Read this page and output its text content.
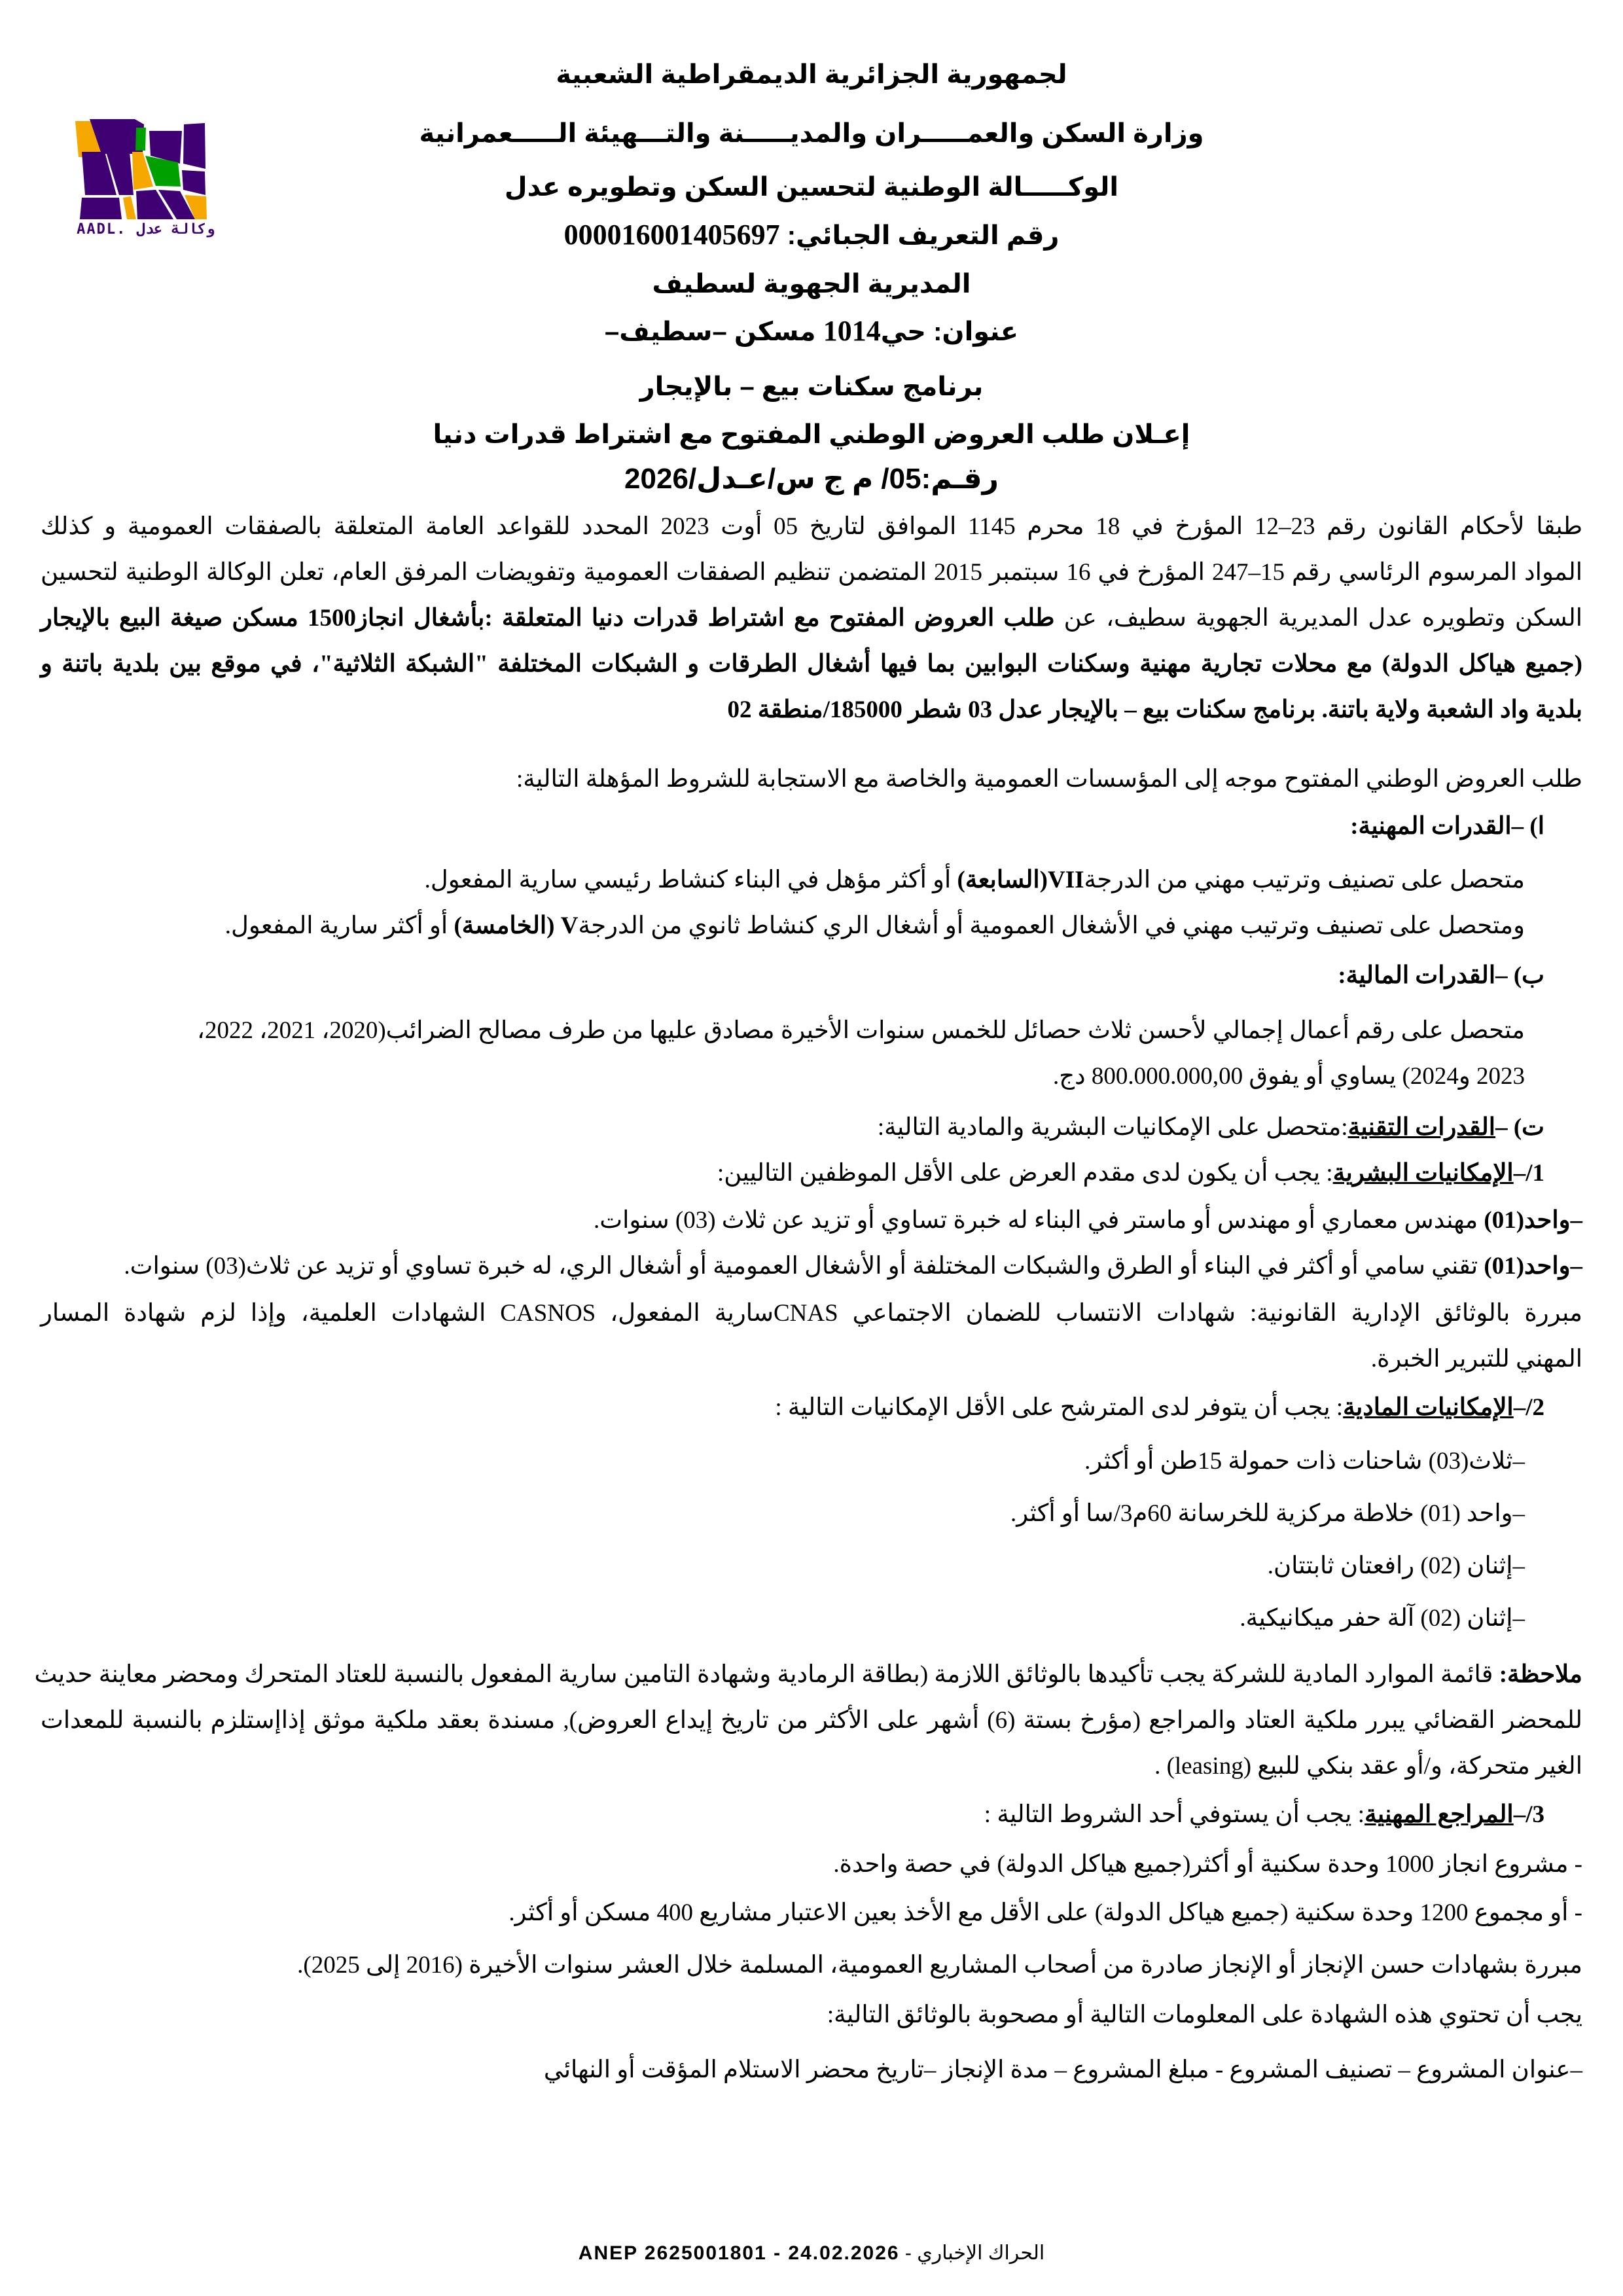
AADL. وكالة عدل
لجمهورية الجزائرية الديمقراطية الشعبية
وزارة السكن والعمـــــران والمديـــــنة والتـــهيئة الـــــعمرانية
الوكـــــالة الوطنية لتحسين السكن وتطويره عدل
رقم التعريف الجبائي: 000016001405697
المديرية الجهوية لسطيف
عنوان: حي1014 مسكن –سطيف–
برنامج سكنات بيع – بالإيجار
إعـلان طلب العروض الوطني المفتوح مع اشتراط قدرات دنيا
رقـم:05/ م ج س/عـدل/2026
طبقا لأحكام القانون رقم 23–12 المؤرخ في 18 محرم 1145 الموافق لتاريخ 05 أوت 2023 المحدد للقواعد العامة المتعلقة بالصفقات العمومية و كذلك
المواد المرسوم الرئاسي رقم 15–247 المؤرخ في 16 سبتمبر 2015 المتضمن تنظيم الصفقات العمومية وتفويضات المرفق العام، تعلن الوكالة الوطنية لتحسين
السكن وتطويره عدل المديرية الجهوية سطيف، عن طلب العروض المفتوح مع اشتراط قدرات دنيا المتعلقة :بأشغال انجاز1500 مسكن صيغة البيع بالإيجار
(جميع هياكل الدولة) مع محلات تجارية مهنية وسكنات البوابين بما فيها أشغال الطرقات و الشبكات المختلفة "الشبكة الثلاثية"، في موقع بين بلدية باتنة و
بلدية واد الشعبة ولاية باتنة. برنامج سكنات بيع – بالإيجار عدل 03 شطر 185000/منطقة 02
طلب العروض الوطني المفتوح موجه إلى المؤسسات العمومية والخاصة مع الاستجابة للشروط المؤهلة التالية:
ا) –القدرات المهنية:
متحصل على تصنيف وترتيب مهني من الدرجةVII(السابعة) أو أكثر مؤهل في البناء كنشاط رئيسي سارية المفعول.
ومتحصل على تصنيف وترتيب مهني في الأشغال العمومية أو أشغال الري كنشاط ثانوي من الدرجةV (الخامسة) أو أكثر سارية المفعول.
ب) –القدرات المالية:
متحصل على رقم أعمال إجمالي لأحسن ثلاث حصائل للخمس سنوات الأخيرة مصادق عليها من طرف مصالح الضرائب(2020، 2021، 2022،
2023 و2024) يساوي أو يفوق 800.000.000,00 دج.
ت) –القدرات التقنية:متحصل على الإمكانيات البشرية والمادية التالية:
1/–الإمكانيات البشرية: يجب أن يكون لدى مقدم العرض على الأقل الموظفين التاليين:
–واحد(01) مهندس معماري أو مهندس أو ماستر في البناء له خبرة تساوي أو تزيد عن ثلاث (03) سنوات.
–واحد(01) تقني سامي أو أكثر في البناء أو الطرق والشبكات المختلفة أو الأشغال العمومية أو أشغال الري، له خبرة تساوي أو تزيد عن ثلاث(03) سنوات.
مبررة بالوثائق الإدارية القانونية: شهادات الانتساب للضمان الاجتماعي CNASسارية المفعول، CASNOS الشهادات العلمية، وإذا لزم شهادة المسار
المهني للتبرير الخبرة.
2/–الإمكانيات المادية: يجب أن يتوفر لدى المترشح على الأقل الإمكانيات التالية :
–ثلاث(03) شاحنات ذات حمولة 15طن أو أكثر.
–واحد (01) خلاطة مركزية للخرسانة 60م3/سا أو أكثر.
–إثنان (02) رافعتان ثابتتان.
–إثنان (02) آلة حفر ميكانيكية.
ملاحظة: قائمة الموارد المادية للشركة يجب تأكيدها بالوثائق اللازمة (بطاقة الرمادية وشهادة التامين سارية المفعول بالنسبة للعتاد المتحرك ومحضر معاينة حديث
للمحضر القضائي يبرر ملكية العتاد والمراجع (مؤرخ بستة (6) أشهر على الأكثر من تاريخ إيداع العروض), مسندة بعقد ملكية موثق إذاإستلزم بالنسبة للمعدات
الغير متحركة، و/أو عقد بنكي للبيع (leasing) .
3/–المراجع المهنية: يجب أن يستوفي أحد الشروط التالية :
- مشروع انجاز 1000 وحدة سكنية أو أكثر(جميع هياكل الدولة) في حصة واحدة.
- أو مجموع 1200 وحدة سكنية (جميع هياكل الدولة) على الأقل مع الأخذ بعين الاعتبار مشاريع 400 مسكن أو أكثر.
مبررة بشهادات حسن الإنجاز أو الإنجاز صادرة من أصحاب المشاريع العمومية، المسلمة خلال العشر سنوات الأخيرة (2016 إلى 2025).
يجب أن تحتوي هذه الشهادة على المعلومات التالية أو مصحوبة بالوثائق التالية:
–عنوان المشروع – تصنيف المشروع - مبلغ المشروع – مدة الإنجاز –تاريخ محضر الاستلام المؤقت أو النهائي
ANEP 2625001801 - 24.02.2026 - الحراك الإخباري
